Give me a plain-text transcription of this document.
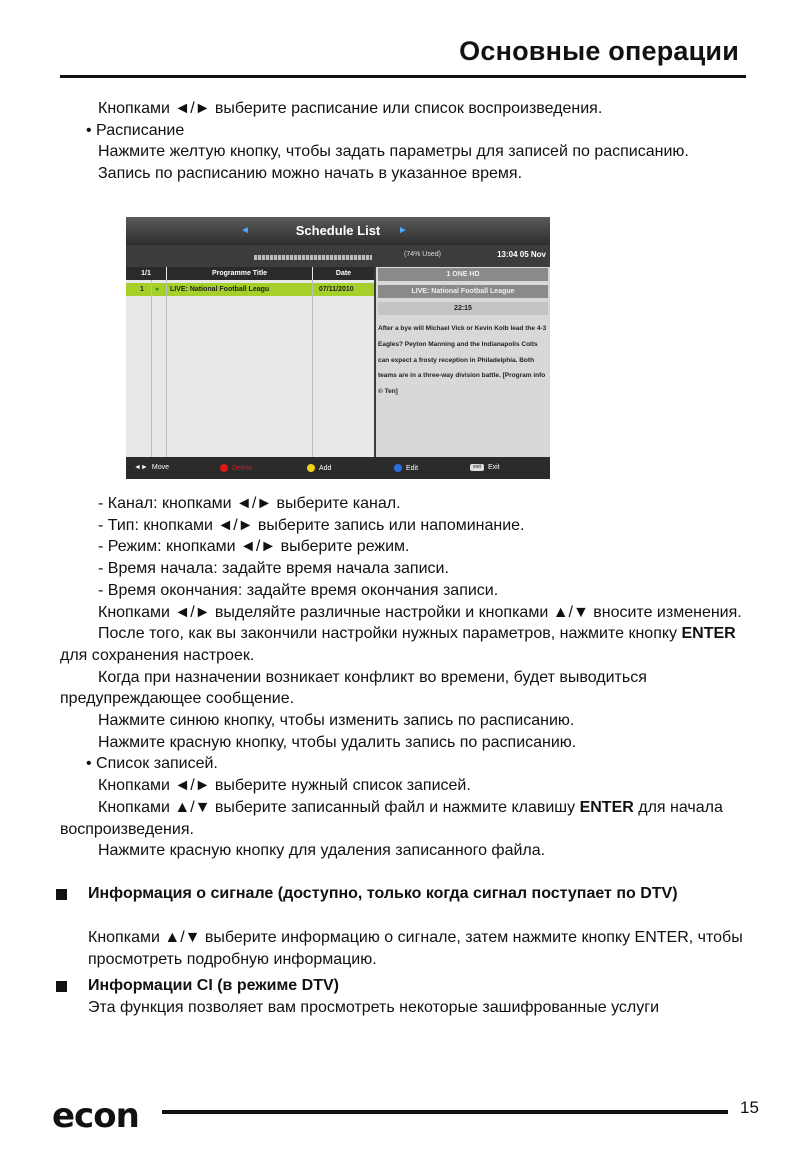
Основные операции

Кнопками ◄/► выберите расписание или список воспроизведения.

• Расписание

Нажмите желтую кнопку, чтобы задать параметры для записей по расписанию.

Запись по расписанию можно начать в указанное время.

◄	Schedule List	►
(74% Used)	13:04 05 Nov
1/1	Programme Title	Date
1 ● LIVE: National Football Leagu	07/11/2010
1 ONE HD
LIVE: National Football League
22:15
After a bye will Michael Vick or Kevin Kolb lead the 4-3 Eagles? Peyton Manning and the Indianapolis Colts can expect a frosty reception in Philadelphia. Both teams are in a three-way division battle. [Program info © Ten]
◄► Move	Delete	Add	Edit	exit	Exit

- Канал: кнопками ◄/► выберите канал.

- Тип: кнопками ◄/► выберите запись или напоминание.

- Режим: кнопками ◄/► выберите режим.

- Время начала: задайте время начала записи.

- Время окончания: задайте время окончания записи.

Кнопками ◄/► выделяйте различные настройки и кнопками ▲/▼ вносите изменения.

После того, как вы закончили настройки нужных параметров, нажмите кнопку ENTER для сохранения настроек.

Когда при назначении возникает конфликт во времени, будет выводиться предупреждающее сообщение.

Нажмите синюю кнопку, чтобы изменить запись по расписанию.

Нажмите красную кнопку, чтобы удалить запись по расписанию.

• Список записей.

Кнопками ◄/► выберите нужный список записей.

Кнопками ▲/▼ выберите записанный файл и нажмите клавишу ENTER для начала воспроизведения.

Нажмите красную кнопку для удаления записанного файла.

Информация о сигнале (доступно, только когда сигнал поступает по DTV)
Кнопками ▲/▼ выберите информацию о сигнале, затем нажмите кнопку ENTER, чтобы просмотреть подробную информацию.
Информации CI (в режиме DTV)
Эта функция позволяет вам просмотреть некоторые зашифрованные услуги
econ	15
